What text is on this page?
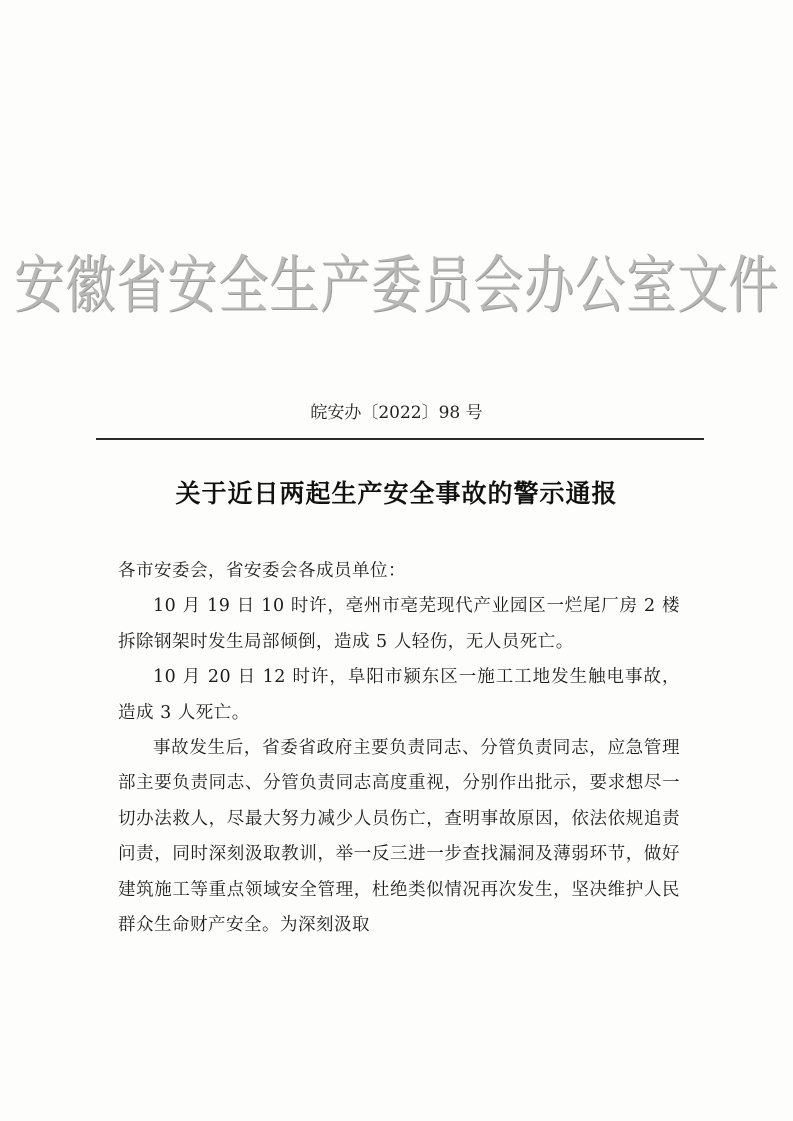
安徽省安全生产委员会办公室文件
皖安办〔2022〕98 号
关于近日两起生产安全事故的警示通报

各市安委会，省安委会各成员单位：

10 月 19 日 10 时许，亳州市亳芜现代产业园区一烂尾厂房 2 楼拆除钢架时发生局部倾倒，造成 5 人轻伤，无人员死亡。

10 月 20 日 12 时许，阜阳市颍东区一施工工地发生触电事故，造成 3 人死亡。

事故发生后，省委省政府主要负责同志、分管负责同志，应急管理部主要负责同志、分管负责同志高度重视，分别作出批示，要求想尽一切办法救人，尽最大努力减少人员伤亡，查明事故原因，依法依规追责问责，同时深刻汲取教训，举一反三进一步查找漏洞及薄弱环节，做好建筑施工等重点领域安全管理，杜绝类似情况再次发生，坚决维护人民群众生命财产安全。为深刻汲取
